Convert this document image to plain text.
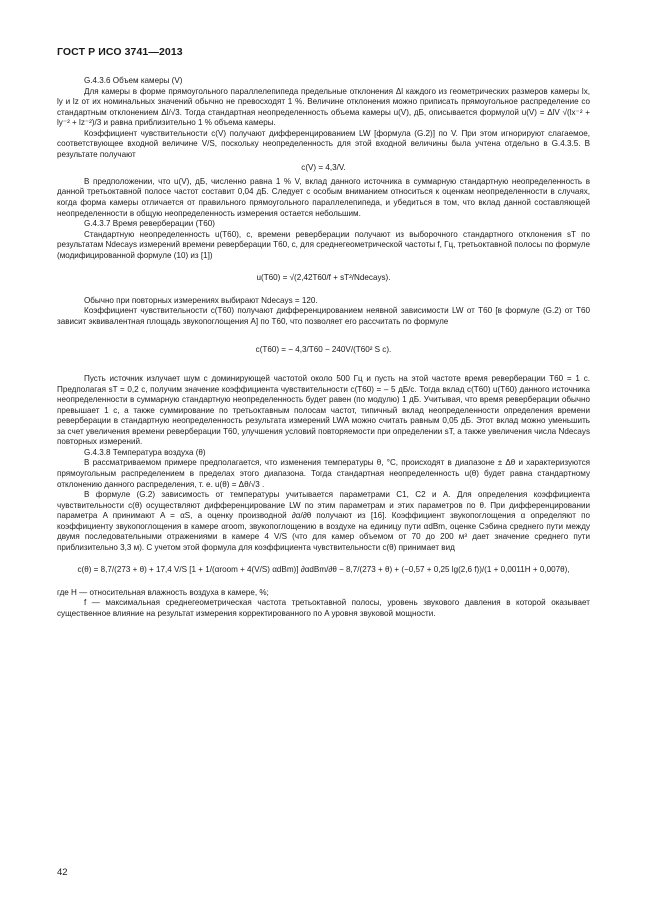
ГОСТ Р ИСО 3741—2013

G.4.3.6 Объем камеры (V)

Для камеры в форме прямоугольного параллелепипеда предельные отклонения Δl каждого из геометрических размеров камеры lx, ly и lz от их номинальных значений обычно не превосходят 1 %. Величине отклонения можно приписать прямоугольное распределение со стандартным отклонением Δl/√3. Тогда стандартная неопределенность объема камеры u(V), дБ, описывается формулой u(V) = ΔlV √(lx⁻² + ly⁻² + lz⁻²)/3 и равна приблизительно 1 % объема камеры.

Коэффициент чувствительности c(V) получают дифференцированием LW [формула (G.2)] по V. При этом игнорируют слагаемое, соответствующее входной величине V/S, поскольку неопределенность для этой входной величины была учтена отдельно в G.4.3.5. В результате получают

c(V) = 4,3/V.

В предположении, что u(V), дБ, численно равна 1 % V, вклад данного источника в суммарную стандартную неопределенность в данной третьоктавной полосе частот составит 0,04 дБ. Следует с особым вниманием относиться к оценкам неопределенности в случаях, когда форма камеры отличается от правильного прямоугольного параллелепипеда, и убедиться в том, что вклад данной составляющей неопределенности в общую неопределенность измерения остается небольшим.

G.4.3.7 Время реверберации (T60)

Стандартную неопределенность u(T60), c, времени реверберации получают из выборочного стандартного отклонения sT по результатам Ndecays измерений времени реверберации T60, c, для среднегеометрической частоты f, Гц, третьоктавной полосы по формуле (модифицированной формуле (10) из [1])

u(T60) = √(2,42T60/f + sT²/Ndecays).

Обычно при повторных измерениях выбирают Ndecays = 120.

Коэффициент чувствительности c(T60) получают дифференцированием неявной зависимости LW от T60 [в формуле (G.2) от T60 зависит эквивалентная площадь звукопоглощения A] по T60, что позволяет его рассчитать по формуле

c(T60) = − 4,3/T60 − 240V/(T60² S c).

Пусть источник излучает шум с доминирующей частотой около 500 Гц и пусть на этой частоте время реверберации T60 = 1 c. Предполагая sT = 0,2 c, получим значение коэффициента чувствительности c(T60) = – 5 дБ/c. Тогда вклад c(T60) u(T60) данного источника неопределенности в суммарную стандартную неопределенность будет равен (по модулю) 1 дБ. Учитывая, что время реверберации обычно превышает 1 c, а также суммирование по третьоктавным полосам частот, типичный вклад неопределенности определения времени реверберации в стандартную неопределенность результата измерений LWA можно считать равным 0,05 дБ. Этот вклад можно уменьшить за счет увеличения времени реверберации T60, улучшения условий повторяемости при определении sT, а также увеличения числа Ndecays повторных измерений.

G.4.3.8 Температура воздуха (θ)

В рассматриваемом примере предполагается, что изменения температуры θ, °C, происходят в диапазоне ± Δθ и характеризуются прямоугольным распределением в пределах этого диапазона. Тогда стандартная неопределенность u(θ) будет равна стандартному отклонению данного распределения, т. е. u(θ) = Δθ/√3 .

В формуле (G.2) зависимость от температуры учитывается параметрами C1, C2 и A. Для определения коэффициента чувствительности c(θ) осуществляют дифференцирование LW по этим параметрам и этих параметров по θ. При дифференцировании параметра A принимают A = αS, а оценку производной ∂α/∂θ получают из [16]. Коэффициент звукопоглощения α определяют по коэффициенту звукопоглощения в камере αroom, звукопоглощению в воздухе на единицу пути αdBm, оценке Сэбина среднего пути между двумя последовательными отражениями в камере 4 V/S (что для камер объемом от 70 до 200 м³ дает значение среднего пути приблизительно 3,3 м). С учетом этой формула для коэффициента чувствительности c(θ) принимает вид

c(θ) = 8,7/(273 + θ) + 17,4 V/S [1 + 1/(αroom + 4(V/S) αdBm)] ∂αdBm/∂θ − 8,7/(273 + θ) + (−0,57 + 0,25 lg(2,6 f))/(1 + 0,0011H + 0,007θ),

где H — относительная влажность воздуха в камере, %;

f — максимальная среднегеометрическая частота третьоктавной полосы, уровень звукового давления в которой оказывает существенное влияние на результат измерения корректированного по A уровня звуковой мощности.

42
